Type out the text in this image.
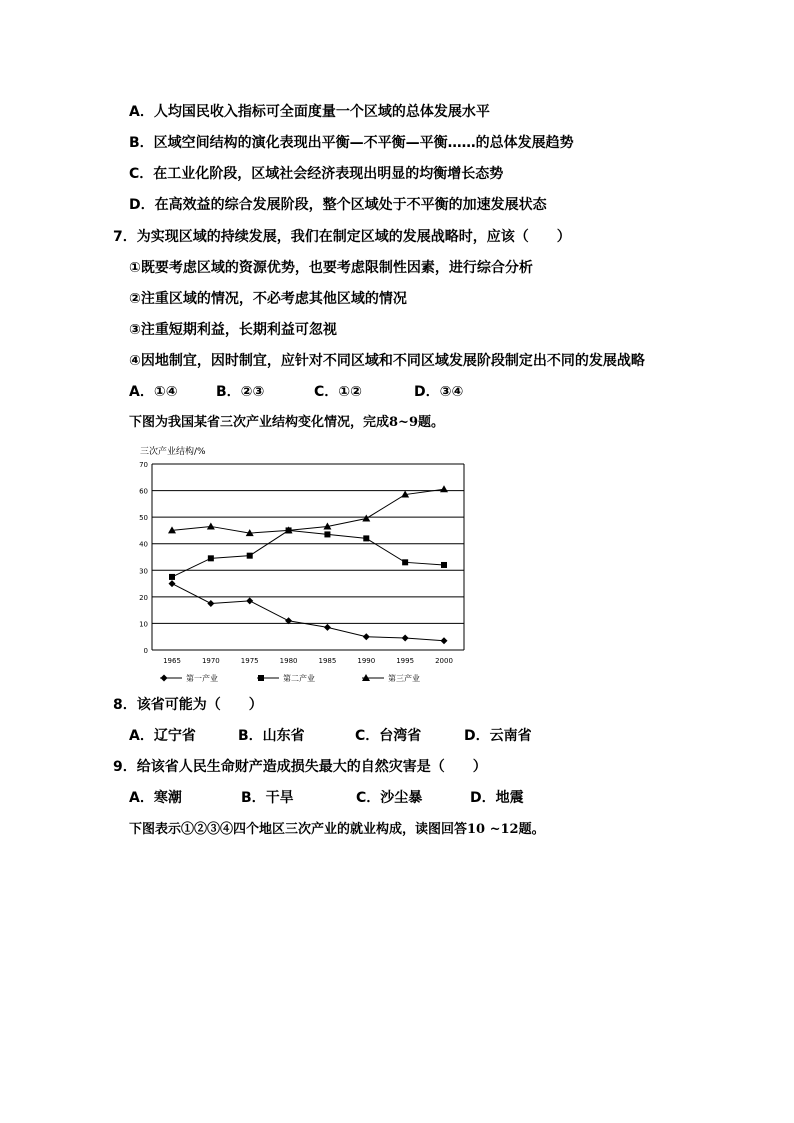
A．人均国民收入指标可全面度量一个区域的总体发展水平
B．区域空间结构的演化表现出平衡—不平衡—平衡……的总体发展趋势
C．在工业化阶段，区域社会经济表现出明显的均衡增长态势
D．在高效益的综合发展阶段，整个区域处于不平衡的加速发展状态
7．为实现区域的持续发展，我们在制定区域的发展战略时，应该（　　）
①既要考虑区域的资源优势，也要考虑限制性因素，进行综合分析
②注重区域的情况，不必考虑其他区域的情况
③注重短期利益，长期利益可忽视
④因地制宜，因时制宜，应针对不同区域和不同区域发展阶段制定出不同的发展战略
A．①④	B．②③	C．①②	D．③④
下图为我国某省三次产业结构变化情况，完成8~9题。
三次产业结构/%
0
10
20
30
40
50
60
70
1965	1970	1975	1980	1985	1990	1995	2000
第一产业	第二产业	第三产业
8．该省可能为（　　）
A．辽宁省	B．山东省	C．台湾省	D．云南省
9．给该省人民生命财产造成损失最大的自然灾害是（　　）
A．寒潮	B．干旱	C．沙尘暴	D．地震
下图表示①②③④四个地区三次产业的就业构成，读图回答10 ~12题。
